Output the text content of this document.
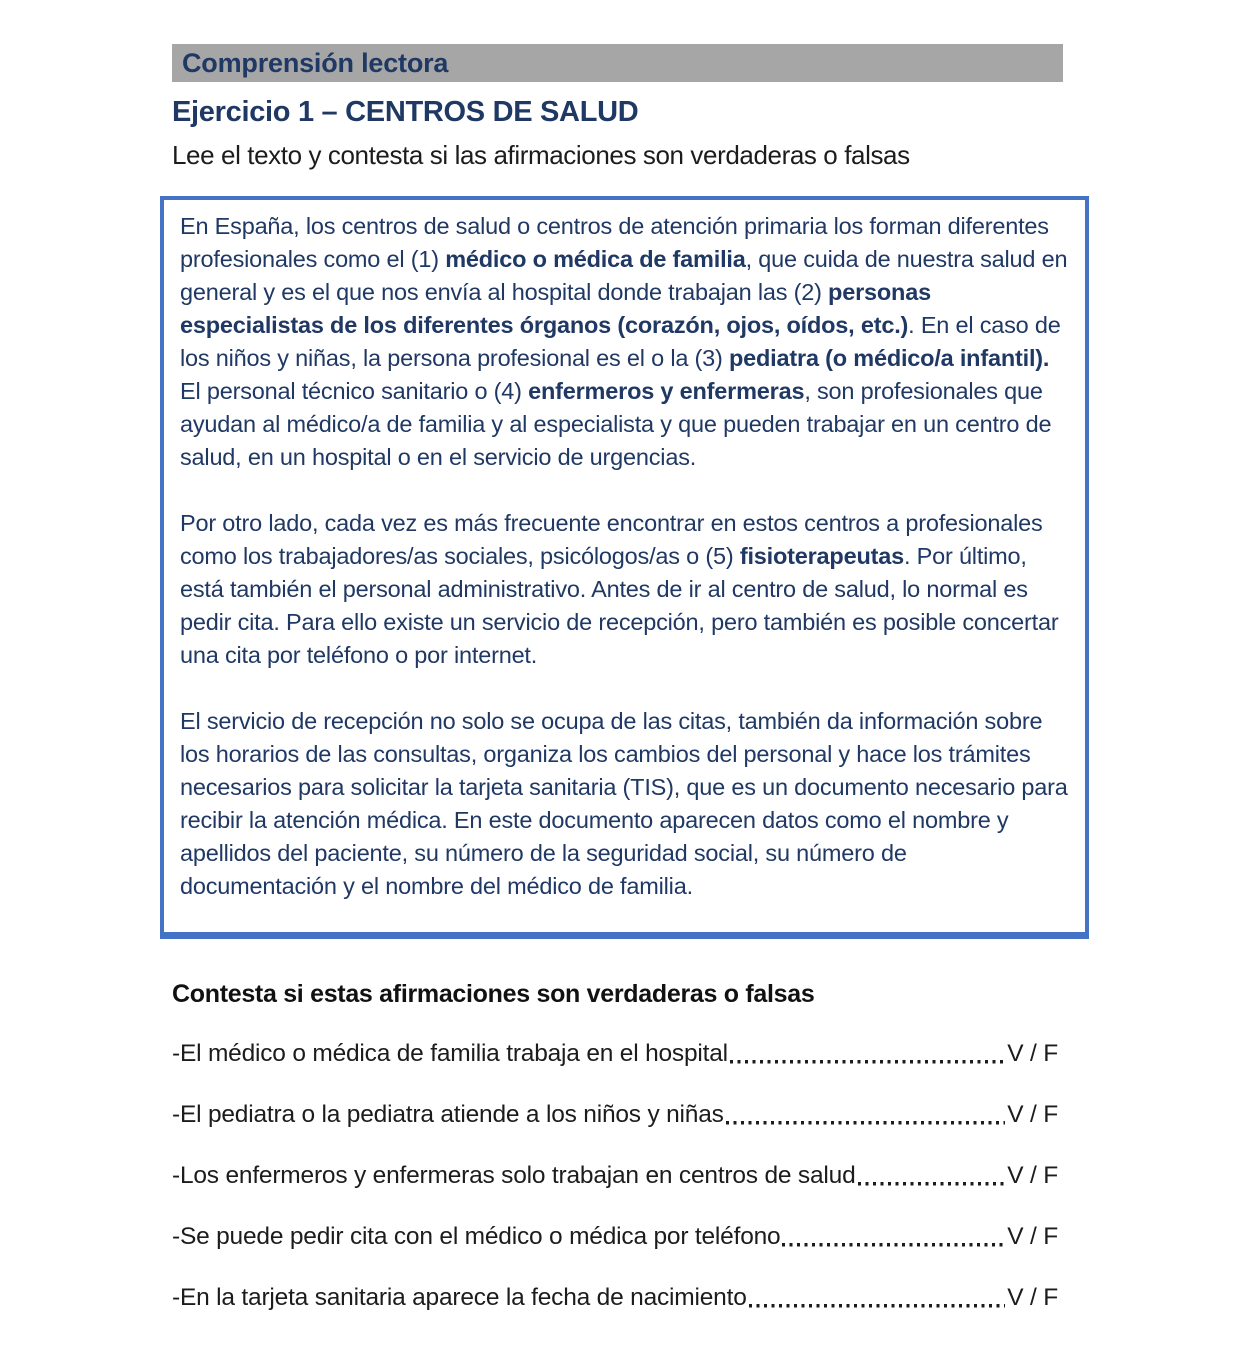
Comprensión lectora
Ejercicio 1 – CENTROS DE SALUD

Lee el texto y contesta si las afirmaciones son verdaderas o falsas

En España, los centros de salud o centros de atención primaria los forman diferentes profesionales como el (1) médico o médica de familia, que cuida de nuestra salud en general y es el que nos envía al hospital donde trabajan las (2) personas especialistas de los diferentes órganos (corazón, ojos, oídos, etc.). En el caso de los niños y niñas, la persona profesional es el o la (3) pediatra (o médico/a infantil). El personal técnico sanitario o (4) enfermeros y enfermeras, son profesionales que ayudan al médico/a de familia y al especialista y que pueden trabajar en un centro de salud, en un hospital o en el servicio de urgencias.

Por otro lado, cada vez es más frecuente encontrar en estos centros a profesionales como los trabajadores/as sociales, psicólogos/as o (5) fisioterapeutas. Por último, está también el personal administrativo. Antes de ir al centro de salud, lo normal es pedir cita. Para ello existe un servicio de recepción, pero también es posible concertar una cita por teléfono o por internet.

El servicio de recepción no solo se ocupa de las citas, también da información sobre los horarios de las consultas, organiza los cambios del personal y hace los trámites necesarios para solicitar la tarjeta sanitaria (TIS), que es un documento necesario para recibir la atención médica. En este documento aparecen datos como el nombre y apellidos del paciente, su número de la seguridad social, su número de documentación y el nombre del médico de familia.

Contesta si estas afirmaciones son verdaderas o falsas
-El médico o médica de familia trabaja en el hospital	V / F
-El pediatra o la pediatra atiende a los niños y niñas	V / F
-Los enfermeros y enfermeras solo trabajan en centros de salud	V / F
-Se puede pedir cita con el médico o médica por teléfono	V / F
-En la tarjeta sanitaria aparece la fecha de nacimiento	V / F
